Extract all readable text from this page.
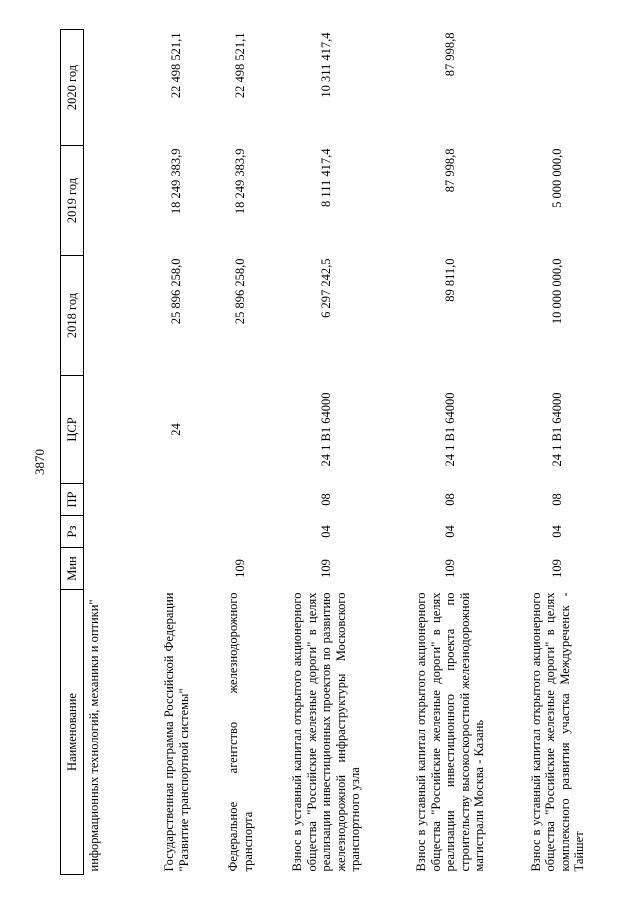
3870
Наименование	Мин	Рз	ПР	ЦСР	2018 год	2019 год	2020 год
информационных технологий, механики и оптики"							
Государственная программа Российской Федерации "Развитие транспортной системы"				24	25 896 258,0	18 249 383,9	22 498 521,1
Федеральное агентство железнодорожного транспорта	109				25 896 258,0	18 249 383,9	22 498 521,1
Взнос в уставный капитал открытого акционерного общества "Российские железные дороги" в целях реализации инвестиционных проектов по развитию железнодорожной инфраструктуры Московского транспортного узла	109	04	08	24 1 B1 64000	6 297 242,5	8 111 417,4	10 311 417,4
Взнос в уставный капитал открытого акционерного общества "Российские железные дороги" в целях реализации инвестиционного проекта по строительству высокоскоростной железнодорожной магистрали Москва - Казань	109	04	08	24 1 B1 64000	89 811,0	87 998,8	87 998,8
Взнос в уставный капитал открытого акционерного общества "Российские железные дороги" в целях комплексного развития участка Междуреченск - Тайшет	109	04	08	24 1 B1 64000	10 000 000,0	5 000 000,0	
